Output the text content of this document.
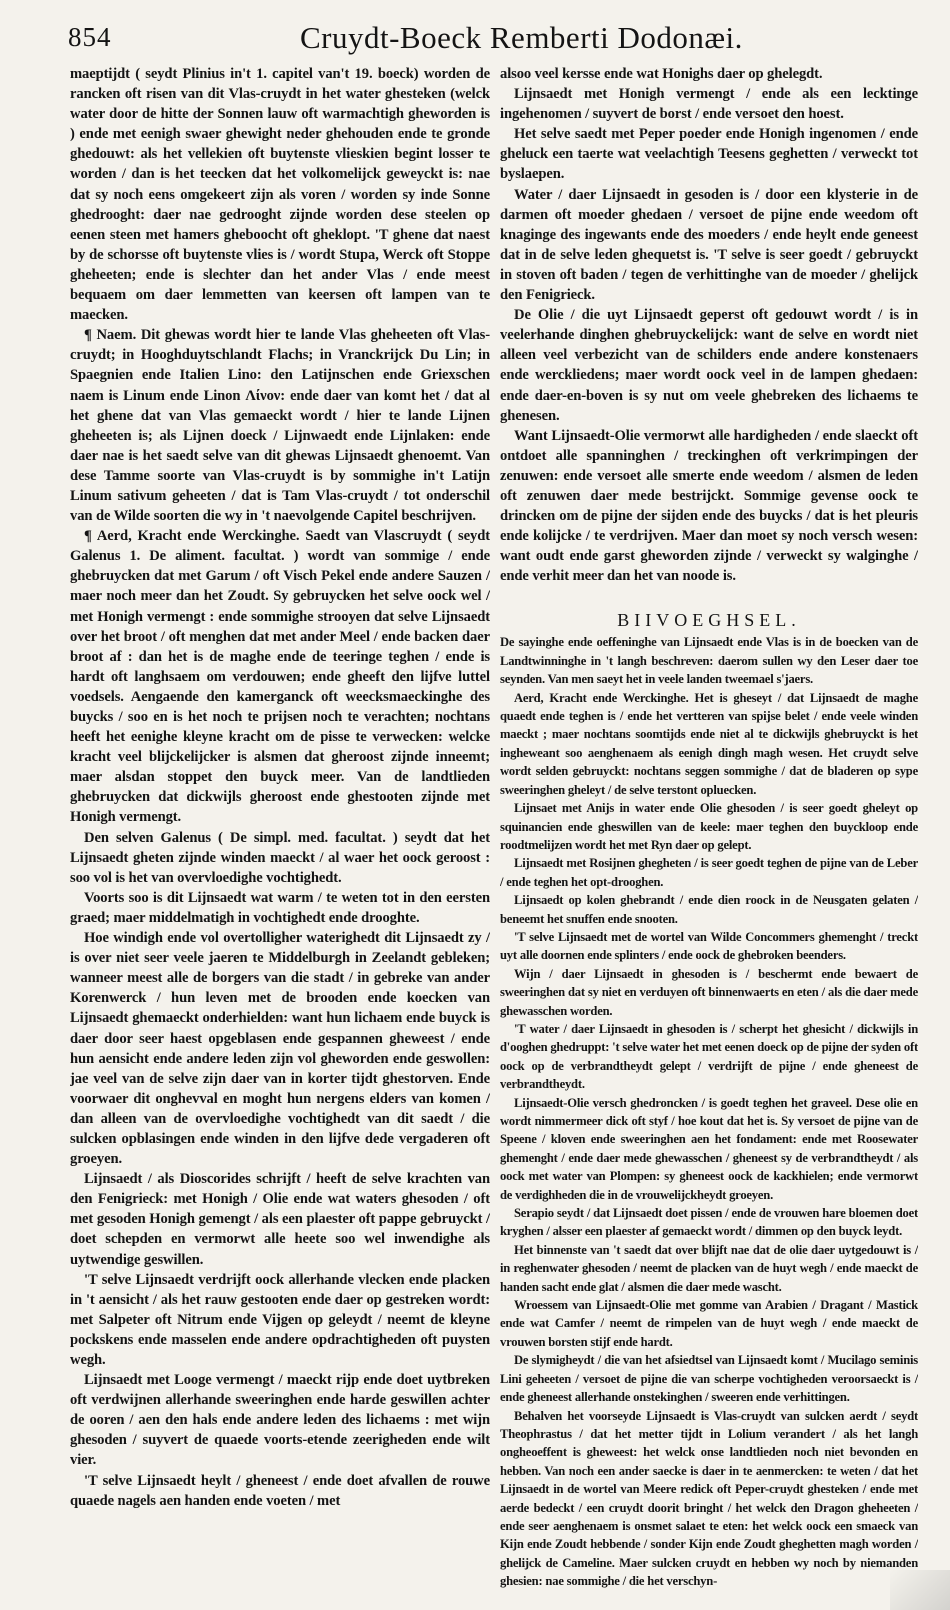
854	Cruydt-Boeck Remberti Dodonæi.

maeptijdt ( seydt Plinius in't 1. capitel van't 19. boeck) worden de rancken oft risen van dit Vlas-cruydt in het water ghesteken (welck water door de hitte der Sonnen lauw oft warmachtigh gheworden is ) ende met eenigh swaer ghewight neder ghehouden ende te gronde ghedouwt: als het vellekien oft buytenste vlieskien begint losser te worden / dan is het teecken dat het volkomelijck geweyckt is: nae dat sy noch eens omgekeert zijn als voren / worden sy inde Sonne ghedrooght: daer nae gedrooght zijnde worden dese steelen op eenen steen met hamers gheboocht oft gheklopt. 'T ghene dat naest by de schorsse oft buytenste vlies is / wordt Stupa, Werck oft Stoppe gheheeten; ende is slechter dan het ander Vlas / ende meest bequaem om daer lemmetten van keersen oft lampen van te maecken.

¶ Naem. Dit ghewas wordt hier te lande Vlas gheheeten oft Vlas-cruydt; in Hooghduytschlandt Flachs; in Vranckrijck Du Lin; in Spaegnien ende Italien Lino: den Latijnschen ende Griexschen naem is Linum ende Linon Λίνον: ende daer van komt het / dat al het ghene dat van Vlas gemaeckt wordt / hier te lande Lijnen gheheeten is; als Lijnen doeck / Lijnwaedt ende Lijnlaken: ende daer nae is het saedt selve van dit ghewas Lijnsaedt ghenoemt. Van dese Tamme soorte van Vlas-cruydt is by sommighe in't Latijn Linum sativum geheeten / dat is Tam Vlas-cruydt / tot onderschil van de Wilde soorten die wy in 't naevolgende Capitel beschrijven.

¶ Aerd, Kracht ende Werckinghe. Saedt van Vlascruydt ( seydt Galenus 1. De aliment. facultat. ) wordt van sommige / ende ghebruycken dat met Garum / oft Visch Pekel ende andere Sauzen / maer noch meer dan het Zoudt. Sy gebruycken het selve oock wel / met Honigh vermengt : ende sommighe strooyen dat selve Lijnsaedt over het broot / oft menghen dat met ander Meel / ende backen daer broot af : dan het is de maghe ende de teeringe teghen / ende is hardt oft langhsaem om verdouwen; ende gheeft den lijfve luttel voedsels. Aengaende den kamerganck oft weecksmaeckinghe des buycks / soo en is het noch te prijsen noch te verachten; nochtans heeft het eenighe kleyne kracht om de pisse te verwecken: welcke kracht veel blijckelijcker is alsmen dat gheroost zijnde inneemt; maer alsdan stoppet den buyck meer. Van de landtlieden ghebruycken dat dickwijls gheroost ende ghestooten zijnde met Honigh vermengt.

Den selven Galenus ( De simpl. med. facultat. ) seydt dat het Lijnsaedt gheten zijnde winden maeckt / al waer het oock geroost : soo vol is het van overvloedighe vochtighedt.

Voorts soo is dit Lijnsaedt wat warm / te weten tot in den eersten graed; maer middelmatigh in vochtighedt ende drooghte.

Hoe windigh ende vol overtolligher waterighedt dit Lijnsaedt zy / is over niet seer veele jaeren te Middelburgh in Zeelandt gebleken; wanneer meest alle de borgers van die stadt / in gebreke van ander Korenwerck / hun leven met de brooden ende koecken van Lijnsaedt ghemaeckt onderhielden: want hun lichaem ende buyck is daer door seer haest opgeblasen ende gespannen gheweest / ende hun aensicht ende andere leden zijn vol gheworden ende geswollen: jae veel van de selve zijn daer van in korter tijdt ghestorven. Ende voorwaer dit onghevval en moght hun nergens elders van komen / dan alleen van de overvloedighe vochtighedt van dit saedt / die sulcken opblasingen ende winden in den lijfve dede vergaderen oft groeyen.

Lijnsaedt / als Dioscorides schrijft / heeft de selve krachten van den Fenigrieck: met Honigh / Olie ende wat waters ghesoden / oft met gesoden Honigh gemengt / als een plaester oft pappe gebruyckt / doet schepden en vermorwt alle heete soo wel inwendighe als uytwendige geswillen.

'T selve Lijnsaedt verdrijft oock allerhande vlecken ende placken in 't aensicht / als het rauw gestooten ende daer op gestreken wordt: met Salpeter oft Nitrum ende Vijgen op geleydt / neemt de kleyne pockskens ende masselen ende andere opdrachtigheden oft puysten wegh.

Lijnsaedt met Looge vermengt / maeckt rijp ende doet uytbreken oft verdwijnen allerhande sweeringhen ende harde geswillen achter de ooren / aen den hals ende andere leden des lichaems : met wijn ghesoden / suyvert de quaede voorts-etende zeerigheden ende wilt vier.

'T selve Lijnsaedt heylt / gheneest / ende doet afvallen de rouwe quaede nagels aen handen ende voeten / met

alsoo veel kersse ende wat Honighs daer op ghelegdt.

Lijnsaedt met Honigh vermengt / ende als een lecktinge ingehenomen / suyvert de borst / ende versoet den hoest.

Het selve saedt met Peper poeder ende Honigh ingenomen / ende gheluck een taerte wat veelachtigh Teesens geghetten / verweckt tot byslaepen.

Water / daer Lijnsaedt in gesoden is / door een klysterie in de darmen oft moeder ghedaen / versoet de pijne ende weedom oft knaginge des ingewants ende des moeders / ende heylt ende geneest dat in de selve leden ghequetst is. 'T selve is seer goedt / gebruyckt in stoven oft baden / tegen de verhittinghe van de moeder / ghelijck den Fenigrieck.

De Olie / die uyt Lijnsaedt geperst oft gedouwt wordt / is in veelerhande dinghen ghebruyckelijck: want de selve en wordt niet alleen veel verbezicht van de schilders ende andere konstenaers ende werckliedens; maer wordt oock veel in de lampen ghedaen: ende daer-en-boven is sy nut om veele ghebreken des lichaems te ghenesen.

Want Lijnsaedt-Olie vermorwt alle hardigheden / ende slaeckt oft ontdoet alle spanninghen / treckinghen oft verkrimpingen der zenuwen: ende versoet alle smerte ende weedom / alsmen de leden oft zenuwen daer mede bestrijckt. Sommige gevense oock te drincken om de pijne der sijden ende des buycks / dat is het pleuris ende kolijcke / te verdrijven. Maer dan moet sy noch versch wesen: want oudt ende garst gheworden zijnde / verweckt sy walginghe / ende verhit meer dan het van noode is.

BIIVOEGHSEL.

De sayinghe ende oeffeninghe van Lijnsaedt ende Vlas is in de boecken van de Landtwinninghe in 't langh beschreven: daerom sullen wy den Leser daer toe seynden. Van men saeyt het in veele landen tweemael s'jaers.

Aerd, Kracht ende Werckinghe. Het is gheseyt / dat Lijnsaedt de maghe quaedt ende teghen is / ende het vertteren van spijse belet / ende veele winden maeckt ; maer nochtans soomtijds ende niet al te dickwijls ghebruyckt is het ingheweant soo aenghenaem als eenigh dingh magh wesen. Het cruydt selve wordt selden gebruyckt: nochtans seggen sommighe / dat de bladeren op sype sweeringhen gheleyt / de selve terstont opluecken.

Lijnsaet met Anijs in water ende Olie ghesoden / is seer goedt gheleyt op squinancien ende gheswillen van de keele: maer teghen den buyckloop ende roodtmelijzen wordt het met Ryn daer op gelept.

Lijnsaedt met Rosijnen ghegheten / is seer goedt teghen de pijne van de Leber / ende teghen het opt-drooghen.

Lijnsaedt op kolen ghebrandt / ende dien roock in de Neusgaten gelaten / beneemt het snuffen ende snooten.

'T selve Lijnsaedt met de wortel van Wilde Concommers ghemenght / treckt uyt alle doornen ende splinters / ende oock de ghebroken beenders.

Wijn / daer Lijnsaedt in ghesoden is / beschermt ende bewaert de sweeringhen dat sy niet en verduyen oft binnenwaerts en eten / als die daer mede ghewasschen worden.

'T water / daer Lijnsaedt in ghesoden is / scherpt het ghesicht / dickwijls in d'ooghen ghedruppt: 't selve water het met eenen doeck op de pijne der syden oft oock op de verbrandtheydt gelept / verdrijft de pijne / ende gheneest de verbrandtheydt.

Lijnsaedt-Olie versch ghedroncken / is goedt teghen het graveel. Dese olie en wordt nimmermeer dick oft styf / hoe kout dat het is. Sy versoet de pijne van de Speene / kloven ende sweeringhen aen het fondament: ende met Roosewater ghemenght / ende daer mede ghewasschen / gheneest sy de verbrandtheydt / als oock met water van Plompen: sy gheneest oock de kackhielen; ende vermorwt de verdighheden die in de vrouwelijckheydt groeyen.

Serapio seydt / dat Lijnsaedt doet pissen / ende de vrouwen hare bloemen doet kryghen / alsser een plaester af gemaeckt wordt / dimmen op den buyck leydt.

Het binnenste van 't saedt dat over blijft nae dat de olie daer uytgedouwt is / in reghenwater ghesoden / neemt de placken van de huyt wegh / ende maeckt de handen sacht ende glat / alsmen die daer mede wascht.

Wroessem van Lijnsaedt-Olie met gomme van Arabien / Dragant / Mastick ende wat Camfer / neemt de rimpelen van de huyt wegh / ende maeckt de vrouwen borsten stijf ende hardt.

De slymigheydt / die van het afsiedtsel van Lijnsaedt komt / Mucilago seminis Lini geheeten / versoet de pijne die van scherpe vochtigheden veroorsaeckt is / ende gheneest allerhande onstekinghen / sweeren ende verhittingen.

Behalven het voorseyde Lijnsaedt is Vlas-cruydt van sulcken aerdt / seydt Theophrastus / dat het metter tijdt in Lolium verandert / als het langh ongheoeffent is gheweest: het welck onse landtlieden noch niet bevonden en hebben. Van noch een ander saecke is daer in te aenmercken: te weten / dat het Lijnsaedt in de wortel van Meere redick oft Peper-cruydt ghesteken / ende met aerde bedeckt / een cruydt doorit bringht / het welck den Dragon gheheeten / ende seer aenghenaem is onsmet salaet te eten: het welck oock een smaeck van Kijn ende Zoudt hebbende / sonder Kijn ende Zoudt gheghetten magh worden / ghelijck de Cameline. Maer sulcken cruydt en hebben wy noch by niemanden ghesien: nae sommighe / die het verschyn-
